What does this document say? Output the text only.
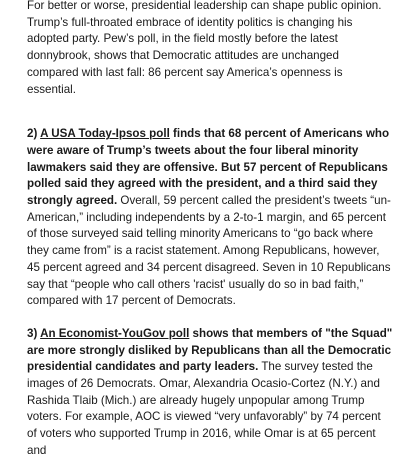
For better or worse, presidential leadership can shape public opinion. Trump’s full-throated embrace of identity politics is changing his adopted party. Pew’s poll, in the field mostly before the latest donnybrook, shows that Democratic attitudes are unchanged compared with last fall: 86 percent say America’s openness is essential.

2) A USA Today-Ipsos poll finds that 68 percent of Americans who were aware of Trump’s tweets about the four liberal minority lawmakers said they are offensive. But 57 percent of Republicans polled said they agreed with the president, and a third said they strongly agreed. Overall, 59 percent called the president’s tweets “un-American,” including independents by a 2-to-1 margin, and 65 percent of those surveyed said telling minority Americans to “go back where they came from” is a racist statement. Among Republicans, however, 45 percent agreed and 34 percent disagreed. Seven in 10 Republicans say that “people who call others 'racist' usually do so in bad faith,” compared with 17 percent of Democrats.

3) An Economist-YouGov poll shows that members of "the Squad" are more strongly disliked by Republicans than all the Democratic presidential candidates and party leaders. The survey tested the images of 26 Democrats. Omar, Alexandria Ocasio-Cortez (N.Y.) and Rashida Tlaib (Mich.) are already hugely unpopular among Trump voters. For example, AOC is viewed “very unfavorably” by 74 percent of voters who supported Trump in 2016, while Omar is at 65 percent and
